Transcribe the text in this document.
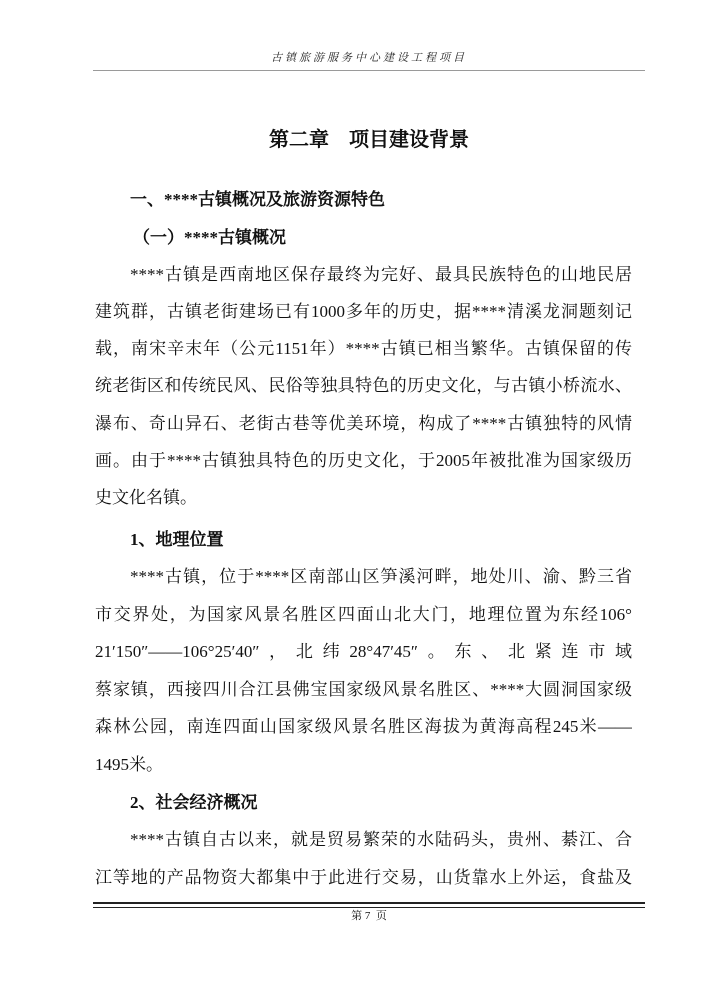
古镇旅游服务中心建设工程项目
第二章    项目建设背景
一、****古镇概况及旅游资源特色
（一）****古镇概况
****古镇是西南地区保存最终为完好、最具民族特色的山地民居
建筑群，古镇老街建场已有1000多年的历史，据****清溪龙洞题刻记
载，南宋辛末年（公元1151年）****古镇已相当繁华。古镇保留的传
统老街区和传统民风、民俗等独具特色的历史文化，与古镇小桥流水、
瀑布、奇山异石、老街古巷等优美环境，构成了****古镇独特的风情
画。由于****古镇独具特色的历史文化，于2005年被批准为国家级历
史文化名镇。
1、地理位置
****古镇，位于****区南部山区笋溪河畔，地处川、渝、黔三省
市交界处，为国家风景名胜区四面山北大门，地理位置为东经106°
21′150″——106°25′40″，北纬28°47′45″。东、北紧连市域
蔡家镇，西接四川合江县佛宝国家级风景名胜区、****大圆洞国家级
森林公园，南连四面山国家级风景名胜区海拔为黄海高程245米——
1495米。
2、社会经济概况
****古镇自古以来，就是贸易繁荣的水陆码头，贵州、綦江、合
江等地的产品物资大都集中于此进行交易，山货靠水上外运，食盐及
第 7  页
